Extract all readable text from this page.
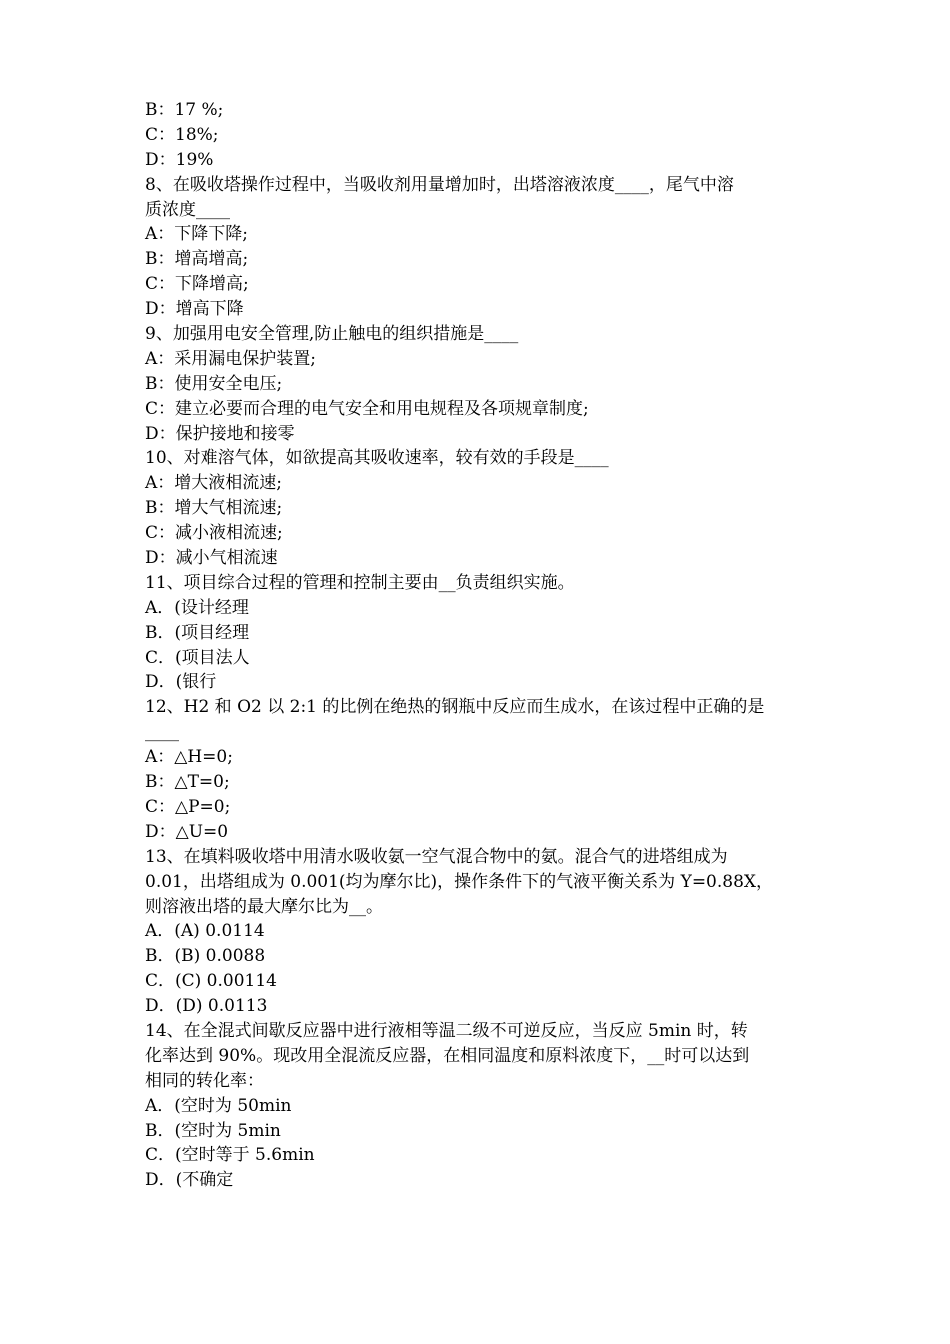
B：17 %;
C：18%;
D：19%
8、在吸收塔操作过程中，当吸收剂用量增加时，出塔溶液浓度____，尾气中溶
质浓度____
A：下降下降;
B：增高增高;
C：下降增高;
D：增高下降
9、加强用电安全管理,防止触电的组织措施是____
A：采用漏电保护装置;
B：使用安全电压;
C：建立必要而合理的电气安全和用电规程及各项规章制度;
D：保护接地和接零
10、对难溶气体，如欲提高其吸收速率，较有效的手段是____
A：增大液相流速;
B：增大气相流速;
C：减小液相流速;
D：减小气相流速
11、项目综合过程的管理和控制主要由__负责组织实施。
A．(设计经理
B．(项目经理
C．(项目法人
D．(银行
12、H2 和 O2 以 2:1 的比例在绝热的钢瓶中反应而生成水，在该过程中正确的是
____
A：△H=0;
B：△T=0;
C：△P=0;
D：△U=0
13、在填料吸收塔中用清水吸收氨一空气混合物中的氨。混合气的进塔组成为
0.01，出塔组成为 0.001(均为摩尔比)，操作条件下的气液平衡关系为 Y=0.88X，
则溶液出塔的最大摩尔比为__。
A．(A) 0.0114
B．(B) 0.0088
C．(C) 0.00114
D．(D) 0.0113
14、在全混式间歇反应器中进行液相等温二级不可逆反应，当反应 5min 时，转
化率达到 90%。现改用全混流反应器，在相同温度和原料浓度下，__时可以达到
相同的转化率：
A．(空时为 50min
B．(空时为 5min
C．(空时等于 5.6min
D．(不确定
